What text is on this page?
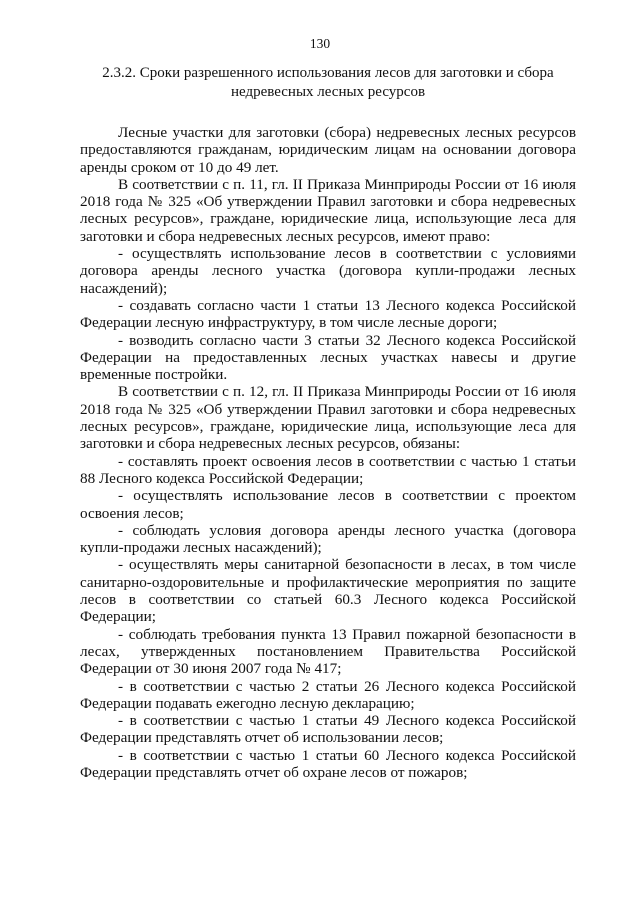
130
2.3.2. Сроки разрешенного использования лесов для заготовки и сбора недревесных лесных ресурсов

Лесные участки для заготовки (сбора) недревесных лесных ресурсов предоставляются гражданам, юридическим лицам на основании договора аренды сроком от 10 до 49 лет.

В соответствии с п. 11, гл. II Приказа Минприроды России от 16 июля 2018 года № 325 «Об утверждении Правил заготовки и сбора недревесных лесных ресурсов», граждане, юридические лица, использующие леса для заготовки и сбора недревесных лесных ресурсов, имеют право:

- осуществлять использование лесов в соответствии с условиями договора аренды лесного участка (договора купли-продажи лесных насаждений);

- создавать согласно части 1 статьи 13 Лесного кодекса Российской Федерации лесную инфраструктуру, в том числе лесные дороги;

- возводить согласно части 3 статьи 32 Лесного кодекса Российской Федерации на предоставленных лесных участках навесы и другие временные постройки.

В соответствии с п. 12, гл. II Приказа Минприроды России от 16 июля 2018 года № 325 «Об утверждении Правил заготовки и сбора недревесных лесных ресурсов», граждане, юридические лица, использующие леса для заготовки и сбора недревесных лесных ресурсов, обязаны:

- составлять проект освоения лесов в соответствии с частью 1 статьи 88 Лесного кодекса Российской Федерации;

- осуществлять использование лесов в соответствии с проектом освоения лесов;

- соблюдать условия договора аренды лесного участка (договора купли-продажи лесных насаждений);

- осуществлять меры санитарной безопасности в лесах, в том числе санитарно-оздоровительные и профилактические мероприятия по защите лесов в соответствии со статьей 60.3 Лесного кодекса Российской Федерации;

- соблюдать требования пункта 13 Правил пожарной безопасности в лесах, утвержденных постановлением Правительства Российской Федерации от 30 июня 2007 года № 417;

- в соответствии с частью 2 статьи 26 Лесного кодекса Российской Федерации подавать ежегодно лесную декларацию;

- в соответствии с частью 1 статьи 49 Лесного кодекса Российской Федерации представлять отчет об использовании лесов;

- в соответствии с частью 1 статьи 60 Лесного кодекса Российской Федерации представлять отчет об охране лесов от пожаров;
